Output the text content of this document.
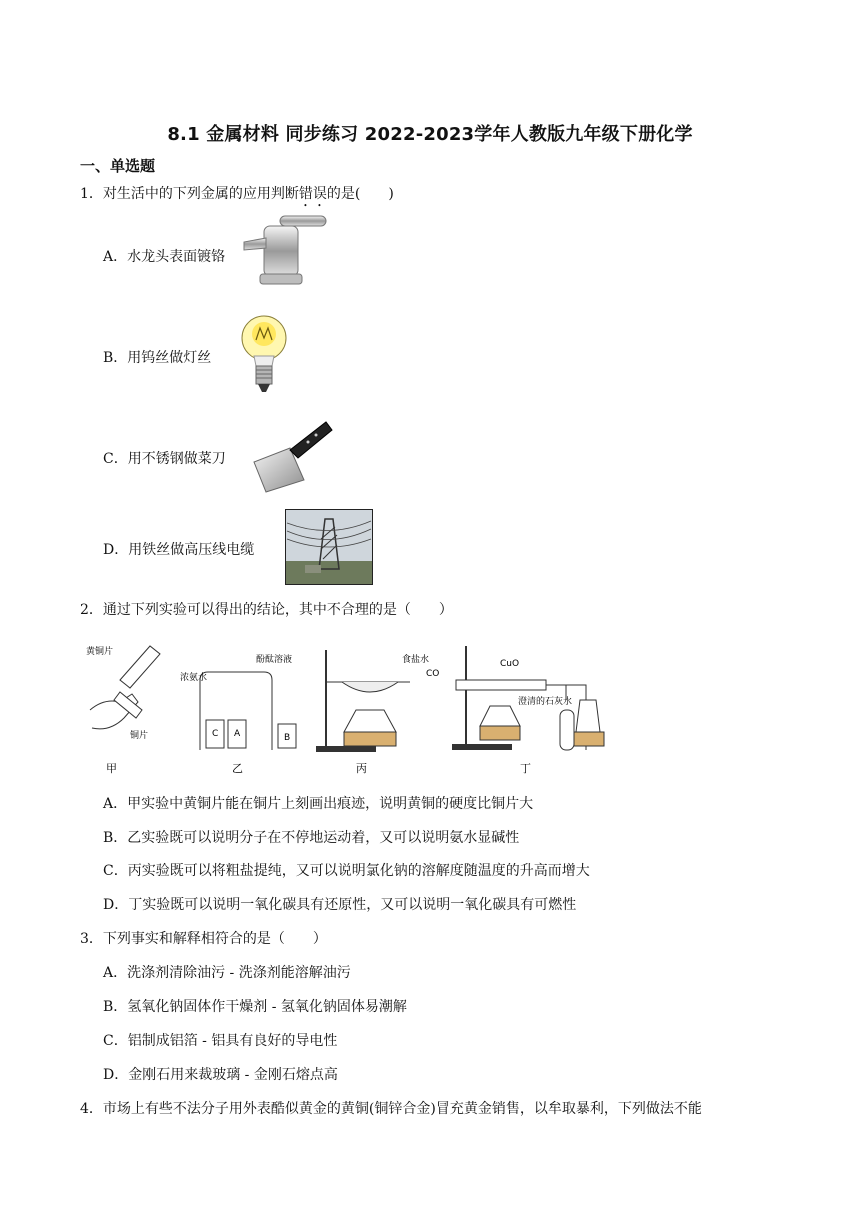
8.1 金属材料 同步练习 2022-2023学年人教版九年级下册化学
一、单选题
1．对生活中的下列金属的应用判断错误的是(　　)
A．水龙头表面镀铬
B．用钨丝做灯丝
C．用不锈钢做菜刀
D．用铁丝做高压线电缆
2．通过下列实验可以得出的结论，其中不合理的是（　　）
黄铜片
铜片	C A	B
浓氨水
酚酞溶液	食盐水
CO
CuO
澄清的石灰水
甲	乙	丙	丁
A．甲实验中黄铜片能在铜片上刻画出痕迹，说明黄铜的硬度比铜片大
B．乙实验既可以说明分子在不停地运动着，又可以说明氨水显碱性
C．丙实验既可以将粗盐提纯，又可以说明氯化钠的溶解度随温度的升高而增大
D．丁实验既可以说明一氧化碳具有还原性，又可以说明一氧化碳具有可燃性
3．下列事实和解释相符合的是（　　）
A．洗涤剂清除油污 - 洗涤剂能溶解油污
B．氢氧化钠固体作干燥剂 - 氢氧化钠固体易潮解
C．铝制成铝箔 - 铝具有良好的导电性
D．金刚石用来裁玻璃 - 金刚石熔点高
4．市场上有些不法分子用外表酷似黄金的黄铜(铜锌合金)冒充黄金销售，以牟取暴利，下列做法不能
